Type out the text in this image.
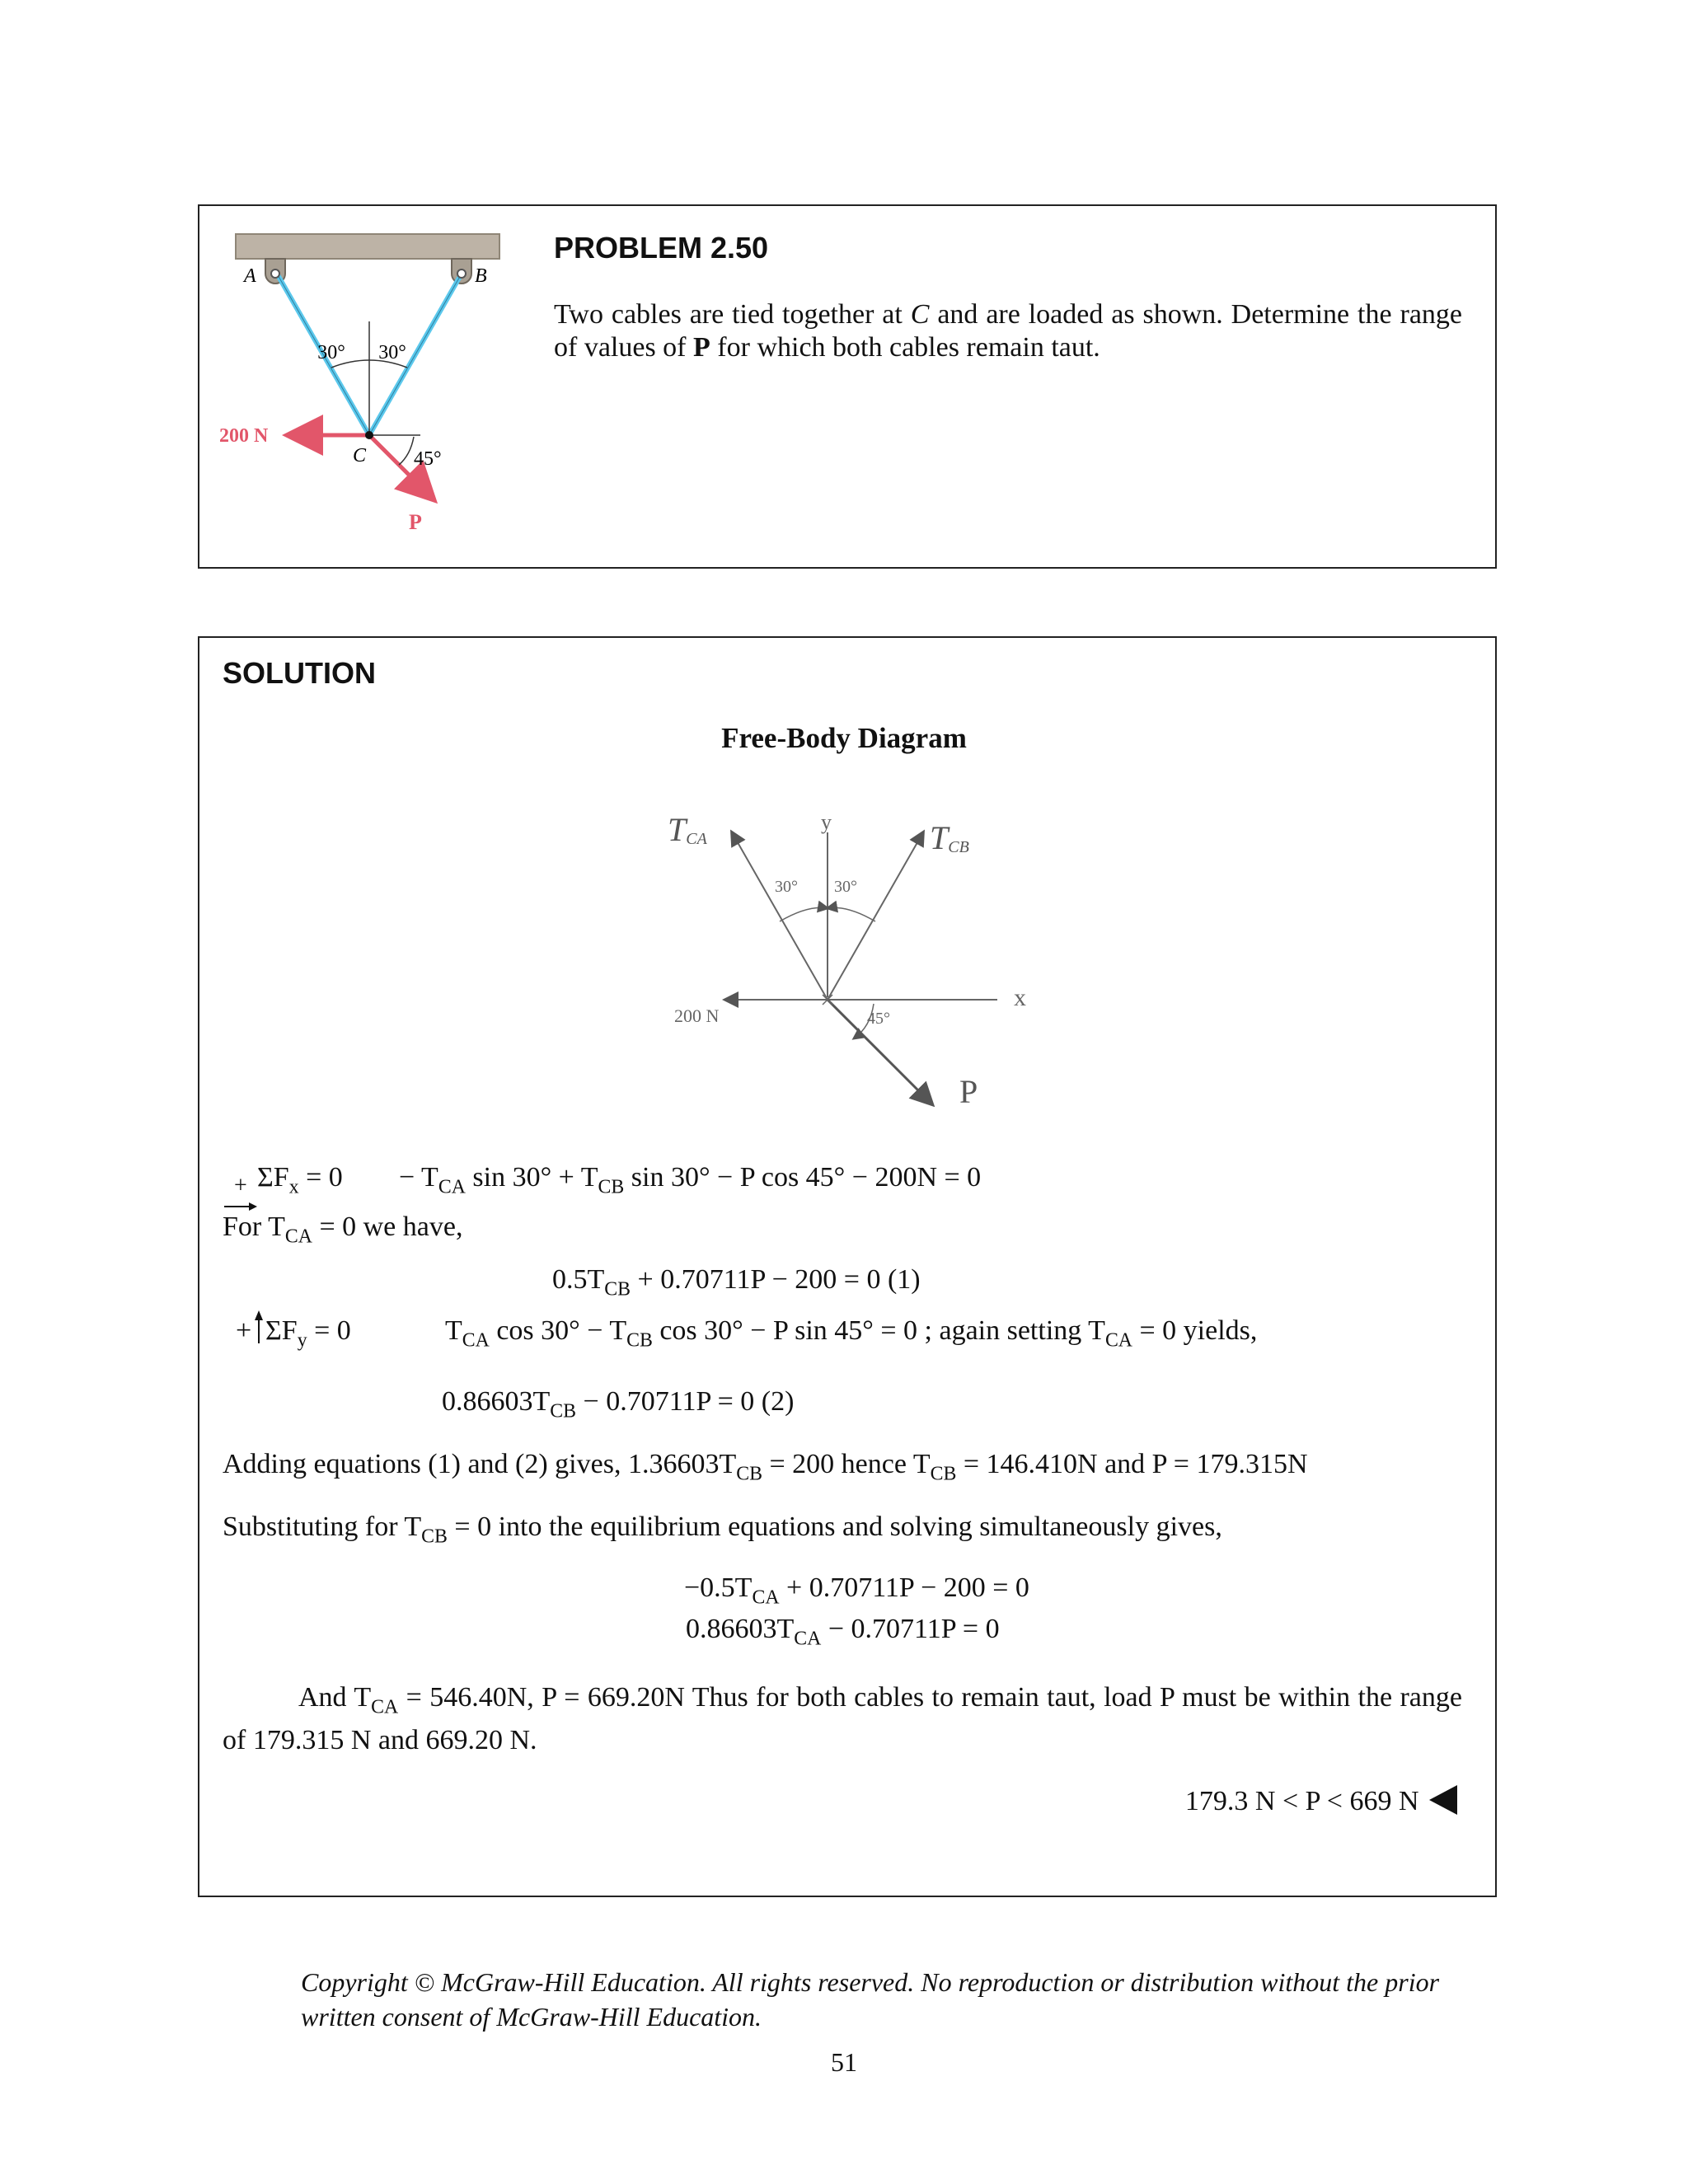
30° 30°
A	B
200 N
C 45°
P
PROBLEM 2.50
Two cables are tied together at C and are loaded as shown. Determine the range of values of P for which both cables remain taut.
SOLUTION
Free-Body Diagram
TCA	TCB
y
x
30° 30°
200 N	45°
P
+ $\Sigma F_x = 0 - T_{CA}$ $\sin 30^\circ + T_{CB}$ sin 30° − P cos 45° − 200N = 0
For $T_{CA} = 0$ we have,
$0.5T_{CB} + 0.70711P - 200 = 0$ (1)
+ $\Sigma F_y = 0$	$T_{CA}$ $\cos 30^\circ - T_{CB}$ cos 30° − P sin 45° = 0 ; again setting $T_{CA} = 0$ yields,
$0.86603T_{CB} - 0.70711P = 0$ (2)
Adding equations (1) and (2) gives, $1.36603T_{CB} = 200$ hence $T_{CB} = 146.410N$ and P = 179.315N
Substituting for $T_{CB} = 0$ into the equilibrium equations and solving simultaneously gives,
$-0.5T_{CA} + 0.70711P - 200 = 0$
$0.86603T_{CA} - 0.70711P = 0$
And $T_{CA} = 546.40N$, P = 669.20N Thus for both cables to remain taut, load P must be within the range of 179.315 N and 669.20 N.
179.3 N < P < 669 N
Copyright © McGraw-Hill Education. All rights reserved. No reproduction or distribution without the prior written consent of McGraw-Hill Education.
51
